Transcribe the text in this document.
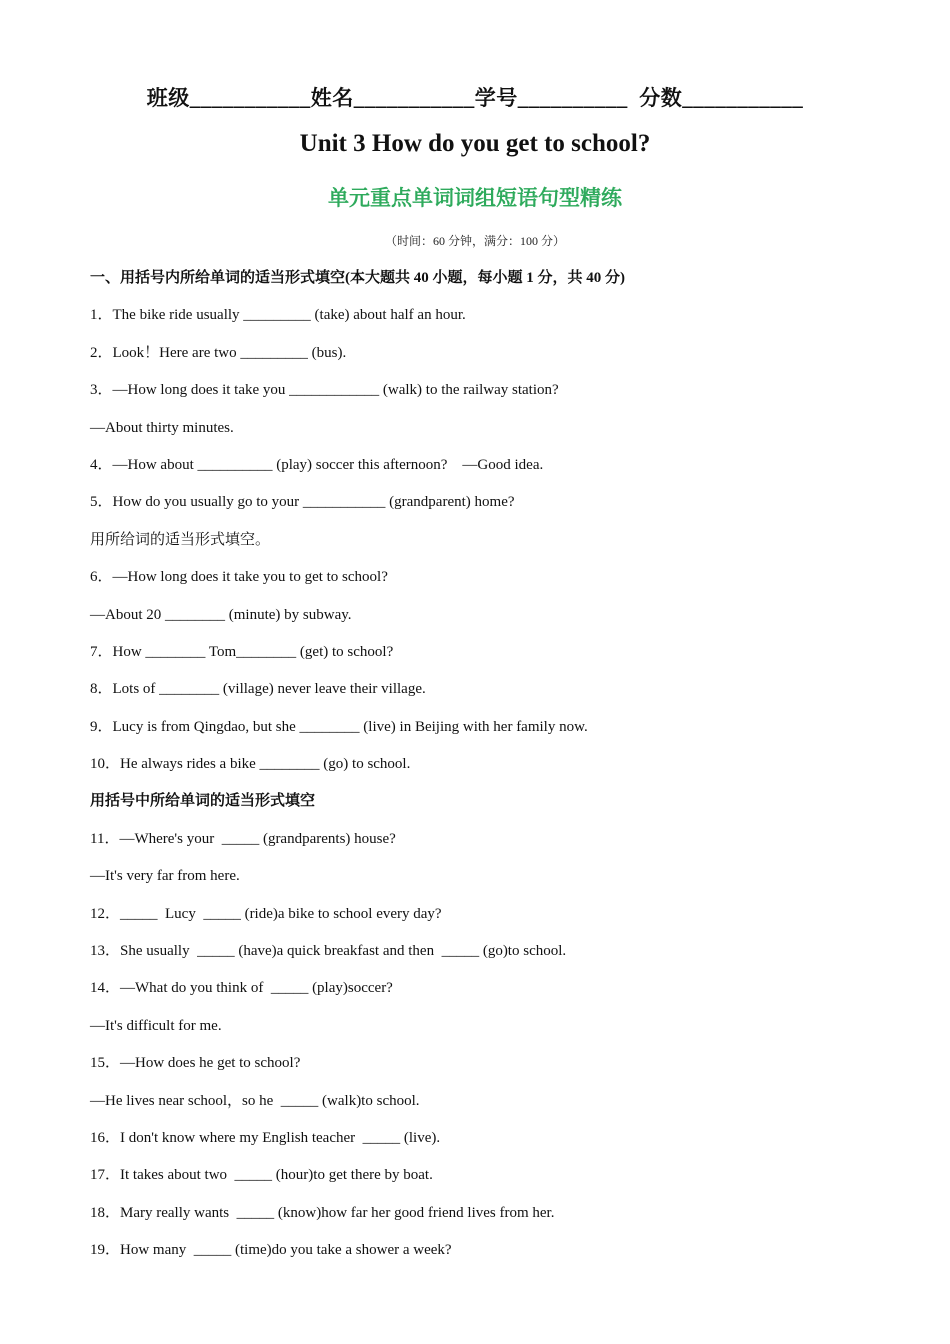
班级___________姓名___________学号__________  分数___________
Unit 3 How do you get to school?
单元重点单词词组短语句型精练
（时间：60 分钟，满分：100 分）
一、用括号内所给单词的适当形式填空(本大题共 40 小题，每小题 1 分，共 40 分)
1．The bike ride usually _________ (take) about half an hour.
2．Look！Here are two _________ (bus).
3．—How long does it take you ____________ (walk) to the railway station?
—About thirty minutes.
4．—How about __________ (play) soccer this afternoon?    —Good idea.
5．How do you usually go to your ___________ (grandparent) home?
用所给词的适当形式填空。
6．—How long does it take you to get to school?
—About 20 ________ (minute) by subway.
7．How ________ Tom________ (get) to school?
8．Lots of ________ (village) never leave their village.
9．Lucy is from Qingdao, but she ________ (live) in Beijing with her family now.
10．He always rides a bike ________ (go) to school.
用括号中所给单词的适当形式填空
11．—Where's your  _____ (grandparents) house?
—It's very far from here.
12．_____  Lucy  _____ (ride)a bike to school every day?
13．She usually  _____ (have)a quick breakfast and then  _____ (go)to school.
14．—What do you think of  _____ (play)soccer?
—It's difficult for me.
15．—How does he get to school?
—He lives near school，so he  _____ (walk)to school.
16．I don't know where my English teacher  _____ (live).
17．It takes about two  _____ (hour)to get there by boat.
18．Mary really wants  _____ (know)how far her good friend lives from her.
19．How many  _____ (time)do you take a shower a week?
